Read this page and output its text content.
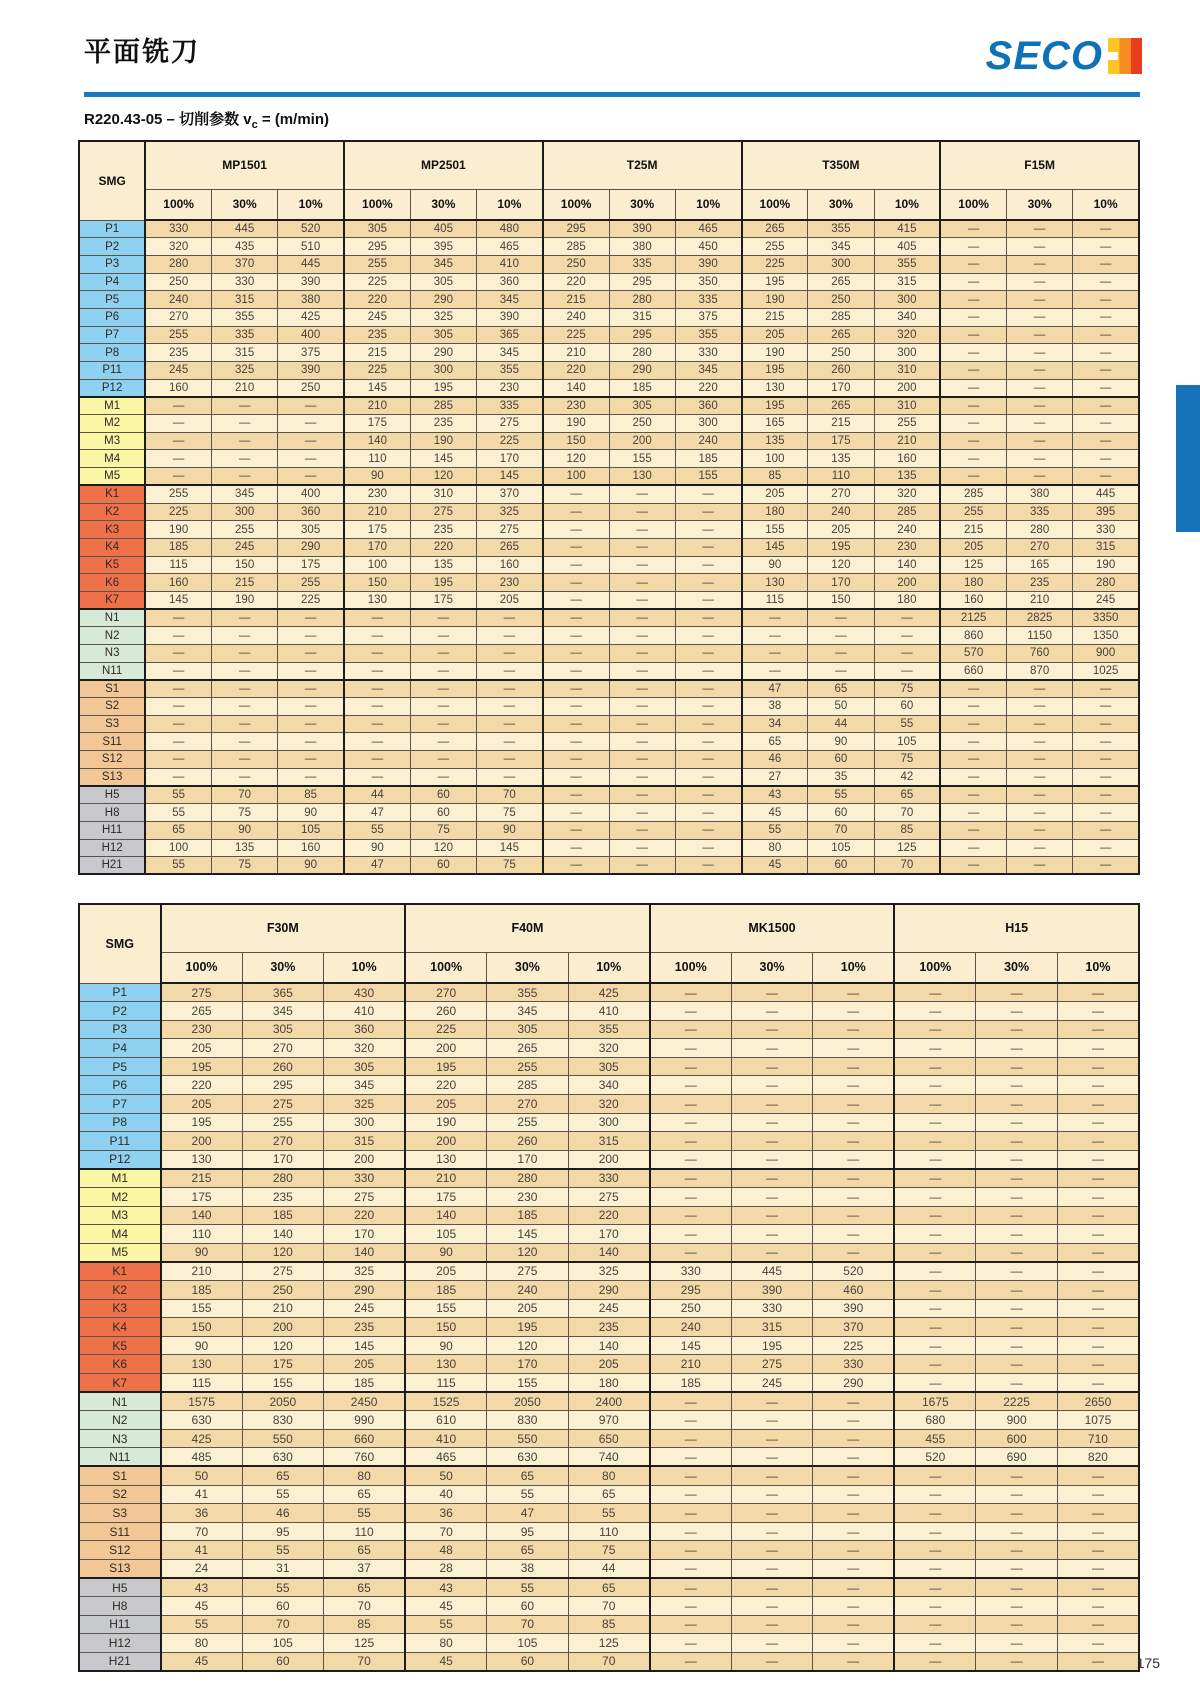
平面铣刀	SECO
R220.43-05 – 切削参数 $v_c = (m/\min)$
SMG	MP1501			MP2501			T25M			T350M			F15M		
	100%	30%	10%	100%	30%	10%	100%	30%	10%	100%	30%	10%	100%	30%	10%
P1	330	445	520	305	405	480	295	390	465	265	355	415	—	—	—
P2	320	435	510	295	395	465	285	380	450	255	345	405	—	—	—
P3	280	370	445	255	345	410	250	335	390	225	300	355	—	—	—
P4	250	330	390	225	305	360	220	295	350	195	265	315	—	—	—
P5	240	315	380	220	290	345	215	280	335	190	250	300	—	—	—
P6	270	355	425	245	325	390	240	315	375	215	285	340	—	—	—
P7	255	335	400	235	305	365	225	295	355	205	265	320	—	—	—
P8	235	315	375	215	290	345	210	280	330	190	250	300	—	—	—
P11	245	325	390	225	300	355	220	290	345	195	260	310	—	—	—
P12	160	210	250	145	195	230	140	185	220	130	170	200	—	—	—
M1	—	—	—	210	285	335	230	305	360	195	265	310	—	—	—
M2	—	—	—	175	235	275	190	250	300	165	215	255	—	—	—
M3	—	—	—	140	190	225	150	200	240	135	175	210	—	—	—
M4	—	—	—	110	145	170	120	155	185	100	135	160	—	—	—
M5	—	—	—	90	120	145	100	130	155	85	110	135	—	—	—
K1	255	345	400	230	310	370	—	—	—	205	270	320	285	380	445
K2	225	300	360	210	275	325	—	—	—	180	240	285	255	335	395
K3	190	255	305	175	235	275	—	—	—	155	205	240	215	280	330
K4	185	245	290	170	220	265	—	—	—	145	195	230	205	270	315
K5	115	150	175	100	135	160	—	—	—	90	120	140	125	165	190
K6	160	215	255	150	195	230	—	—	—	130	170	200	180	235	280
K7	145	190	225	130	175	205	—	—	—	115	150	180	160	210	245
N1	—	—	—	—	—	—	—	—	—	—	—	—	2125	2825	3350
N2	—	—	—	—	—	—	—	—	—	—	—	—	860	1150	1350
N3	—	—	—	—	—	—	—	—	—	—	—	—	570	760	900
N11	—	—	—	—	—	—	—	—	—	—	—	—	660	870	1025
S1	—	—	—	—	—	—	—	—	—	47	65	75	—	—	—
S2	—	—	—	—	—	—	—	—	—	38	50	60	—	—	—
S3	—	—	—	—	—	—	—	—	—	34	44	55	—	—	—
S11	—	—	—	—	—	—	—	—	—	65	90	105	—	—	—
S12	—	—	—	—	—	—	—	—	—	46	60	75	—	—	—
S13	—	—	—	—	—	—	—	—	—	27	35	42	—	—	—
H5	55	70	85	44	60	70	—	—	—	43	55	65	—	—	—
H8	55	75	90	47	60	75	—	—	—	45	60	70	—	—	—
H11	65	90	105	55	75	90	—	—	—	55	70	85	—	—	—
H12	100	135	160	90	120	145	—	—	—	80	105	125	—	—	—
H21	55	75	90	47	60	75	—	—	—	45	60	70	—	—	—
SMG	F30M			F40M			MK1500			H15		
	100%	30%	10%	100%	30%	10%	100%	30%	10%	100%	30%	10%
P1	275	365	430	270	355	425	—	—	—	—	—	—
P2	265	345	410	260	345	410	—	—	—	—	—	—
P3	230	305	360	225	305	355	—	—	—	—	—	—
P4	205	270	320	200	265	320	—	—	—	—	—	—
P5	195	260	305	195	255	305	—	—	—	—	—	—
P6	220	295	345	220	285	340	—	—	—	—	—	—
P7	205	275	325	205	270	320	—	—	—	—	—	—
P8	195	255	300	190	255	300	—	—	—	—	—	—
P11	200	270	315	200	260	315	—	—	—	—	—	—
P12	130	170	200	130	170	200	—	—	—	—	—	—
M1	215	280	330	210	280	330	—	—	—	—	—	—
M2	175	235	275	175	230	275	—	—	—	—	—	—
M3	140	185	220	140	185	220	—	—	—	—	—	—
M4	110	140	170	105	145	170	—	—	—	—	—	—
M5	90	120	140	90	120	140	—	—	—	—	—	—
K1	210	275	325	205	275	325	330	445	520	—	—	—
K2	185	250	290	185	240	290	295	390	460	—	—	—
K3	155	210	245	155	205	245	250	330	390	—	—	—
K4	150	200	235	150	195	235	240	315	370	—	—	—
K5	90	120	145	90	120	140	145	195	225	—	—	—
K6	130	175	205	130	170	205	210	275	330	—	—	—
K7	115	155	185	115	155	180	185	245	290	—	—	—
N1	1575	2050	2450	1525	2050	2400	—	—	—	1675	2225	2650
N2	630	830	990	610	830	970	—	—	—	680	900	1075
N3	425	550	660	410	550	650	—	—	—	455	600	710
N11	485	630	760	465	630	740	—	—	—	520	690	820
S1	50	65	80	50	65	80	—	—	—	—	—	—
S2	41	55	65	40	55	65	—	—	—	—	—	—
S3	36	46	55	36	47	55	—	—	—	—	—	—
S11	70	95	110	70	95	110	—	—	—	—	—	—
S12	41	55	65	48	65	75	—	—	—	—	—	—
S13	24	31	37	28	38	44	—	—	—	—	—	—
H5	43	55	65	43	55	65	—	—	—	—	—	—
H8	45	60	70	45	60	70	—	—	—	—	—	—
H11	55	70	85	55	70	85	—	—	—	—	—	—
H12	80	105	125	80	105	125	—	—	—	—	—	—
H21	45	60	70	45	60	70	—	—	—	—	—	—	175
